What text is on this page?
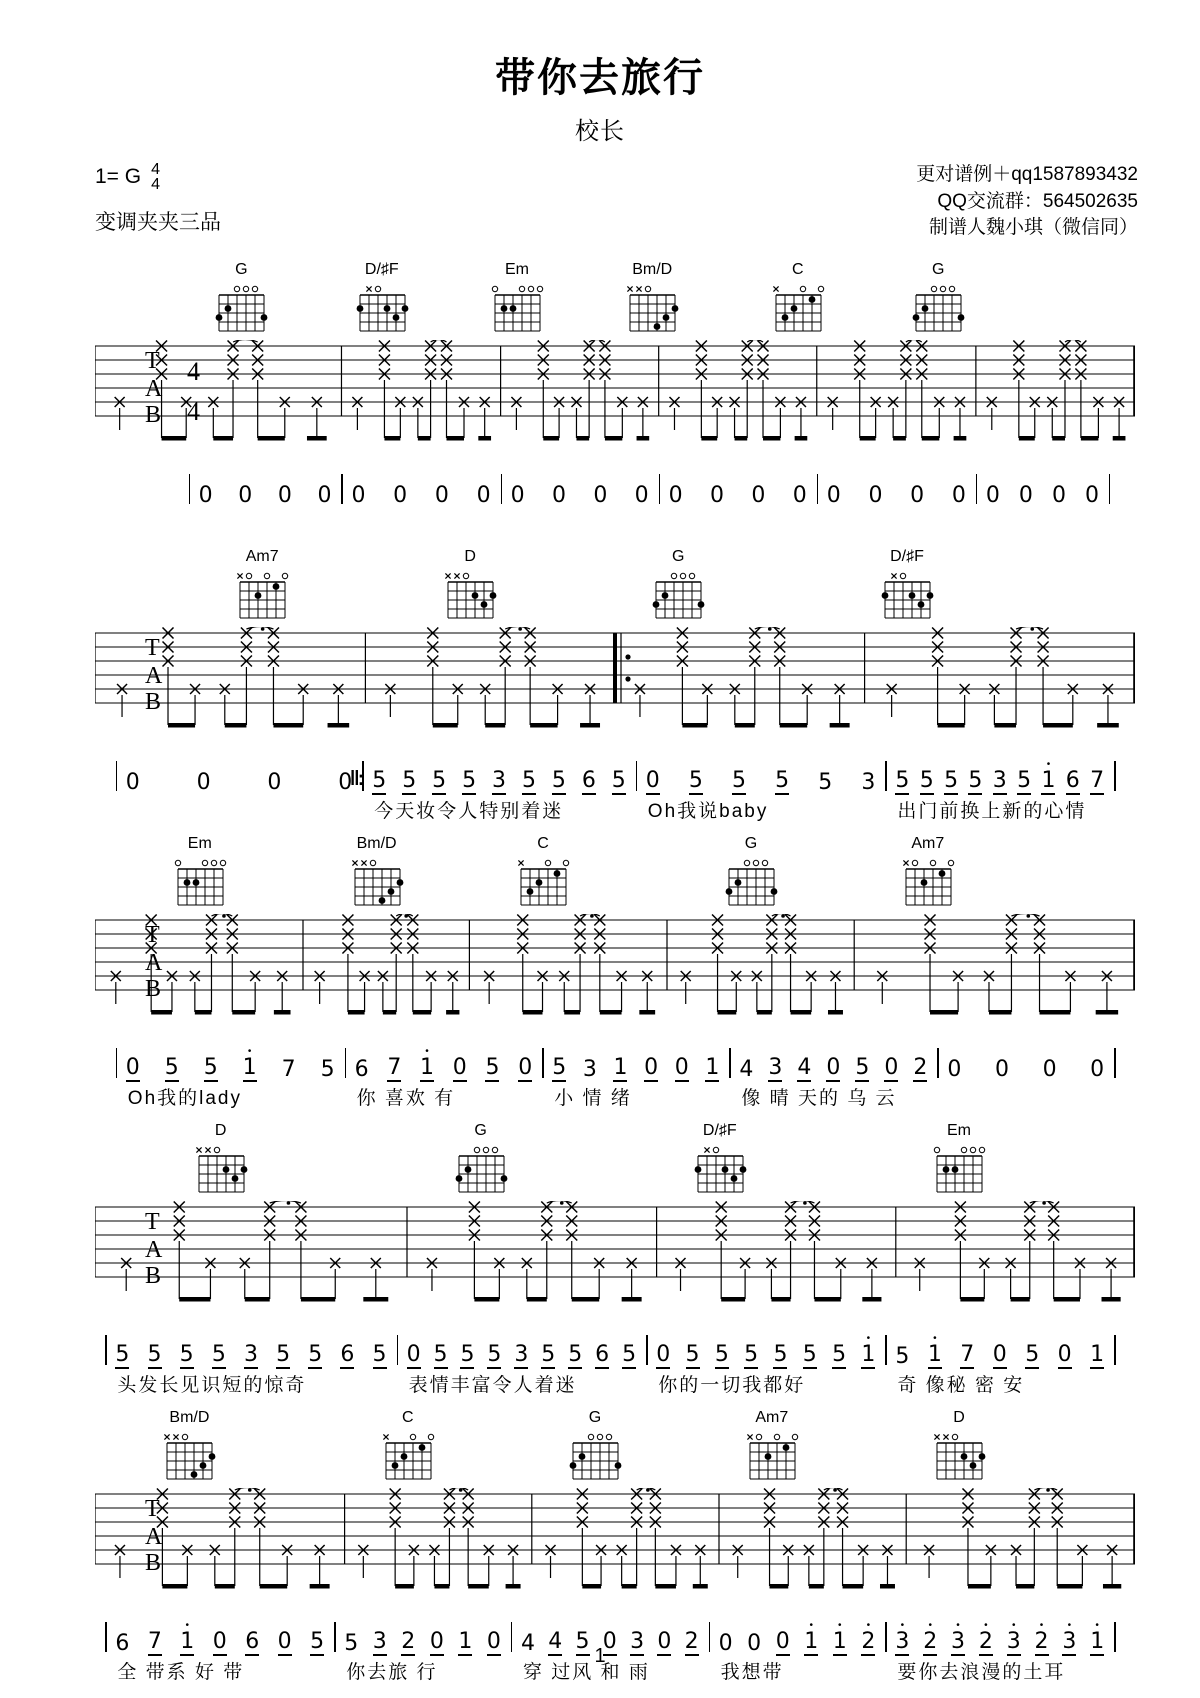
带你去旅行
校长
1= G 4
4
变调夹夹三品
更对谱例＋qq1587893432
QQ交流群：564502635
制谱人魏小琪（微信同）
G	D/♯F	Em	Bm/D	C	G
T
A
B
4
4
0 0 0 0 0 0 0 0 0 0 0 0 0 0 0 0 0 0 0 0 0 0 0 0
Am7	D	G	D/♯F
T
A
B
‖:
0	0	0	0 5 5 5 5 3 5 5 6 5 0 5 5 5 5 3 5 5 5 5 3 5
•
1 6 7
今天妆令人特别着迷	Oh我说baby	出门前换上新的心情
Em	Bm/D	C	G	Am7
T
A
B
0 5 5
•
1 7 5 6 7
•
1 0 5 0 5 3 1 0 0 1 4 3 4 0 5 0 2 0 0 0 0
Oh我的lady	你 喜欢 有	小 情 绪	像 晴 天的 乌 云
D	G	D/♯F	Em
T
A
B
5 5 5 5 3 5 5 6 5 0 5 5 5 3 5 5 6 5 0 5 5 5 5 5 5
•
1 5
•
1 7 0 5 0 1
头发长见识短的惊奇	表情丰富令人着迷	你的一切我都好	奇 像秘 密 安
Bm/D	C	G	Am7	D
T
A
B
6 7
•
1 0 6 0 5 5 3 2 0 1 0 4 4 5 0 3 0 2 0 0 0
•
1
•
1
•
2
•
3
•
2
•
3
•
2
•
3
•
2
•
3
•
1
全 带系 好 带	你去旅 行	穿 过风 和 雨	我想带	要你去浪漫的土耳
1
